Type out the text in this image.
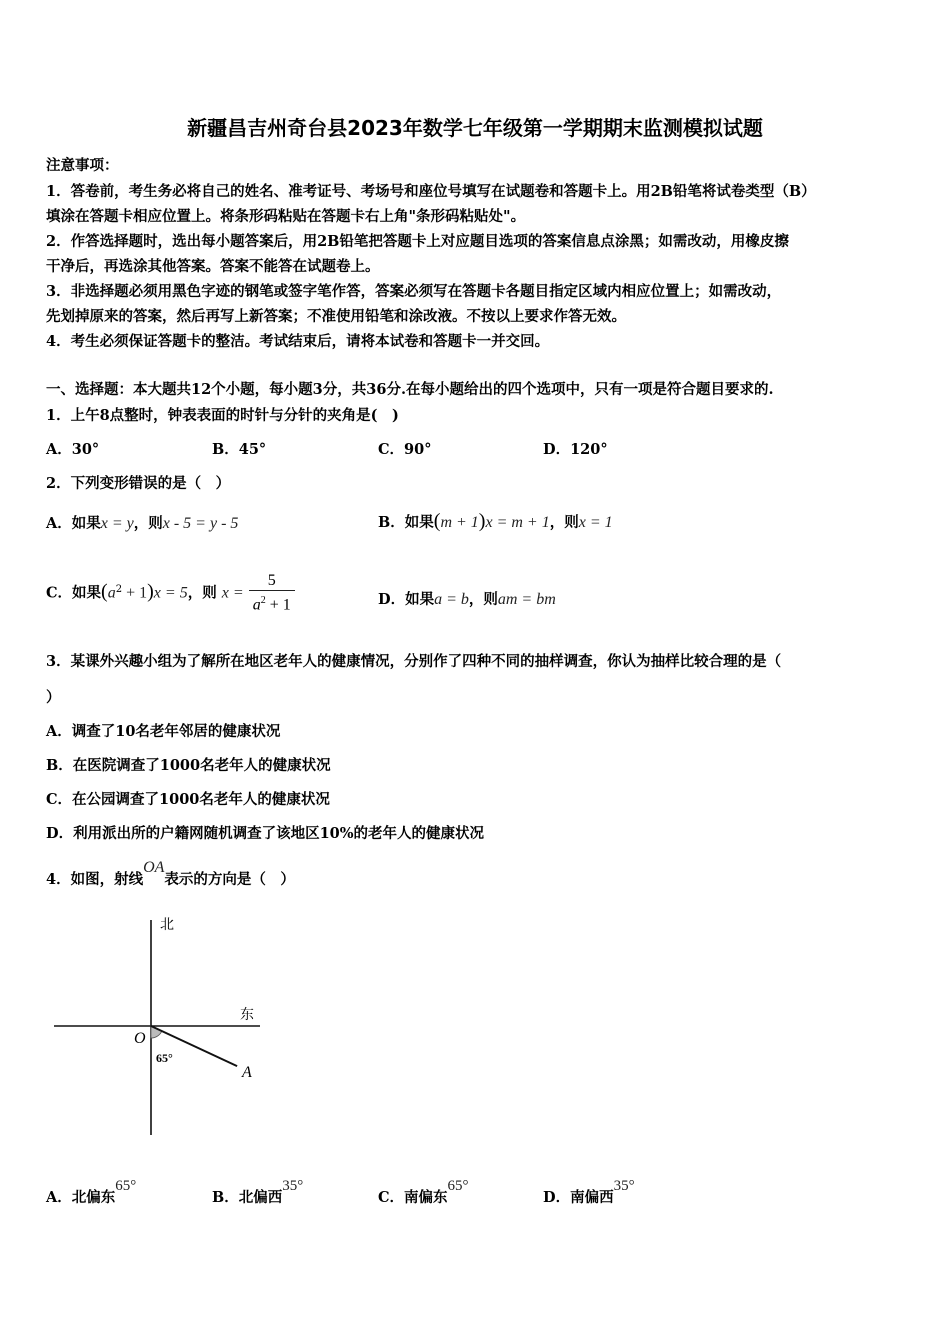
新疆昌吉州奇台县2023年数学七年级第一学期期末监测模拟试题
注意事项：
1．答卷前，考生务必将自己的姓名、准考证号、考场号和座位号填写在试题卷和答题卡上。用2B铅笔将试卷类型（B）
填涂在答题卡相应位置上。将条形码粘贴在答题卡右上角"条形码粘贴处"。
2．作答选择题时，选出每小题答案后，用2B铅笔把答题卡上对应题目选项的答案信息点涂黑；如需改动，用橡皮擦
干净后，再选涂其他答案。答案不能答在试题卷上。
3．非选择题必须用黑色字迹的钢笔或签字笔作答，答案必须写在答题卡各题目指定区域内相应位置上；如需改动，
先划掉原来的答案，然后再写上新答案；不准使用铅笔和涂改液。不按以上要求作答无效。
4．考生必须保证答题卡的整洁。考试结束后，请将本试卷和答题卡一并交回。
一、选择题：本大题共12个小题，每小题3分，共36分.在每小题给出的四个选项中，只有一项是符合题目要求的.
1．上午8点整时，钟表表面的时针与分针的夹角是(　)
A．30°	B．45°	C．90°	D．120°
2．下列变形错误的是（　）
A．如果x = y，则x - 5 = y - 5	B．如果(m + 1)x = m + 1，则x = 1
C．如果$(a^2 + 1)x = 5$，则 $x = \frac{5}{a^2 + 1}$	D．如果a = b，则am = bm
3．某课外兴趣小组为了解所在地区老年人的健康情况，分别作了四种不同的抽样调查，你认为抽样比较合理的是（
）
A．调查了10名老年邻居的健康状况
B．在医院调查了1000名老年人的健康状况
C．在公园调查了1000名老年人的健康状况
D．利用派出所的户籍网随机调查了该地区10%的老年人的健康状况
4．如图，射线OA表示的方向是（　）
北
东
O
A
65°
A．北偏东65°
B．北偏西35°
C．南偏东65°
D．南偏西35°
